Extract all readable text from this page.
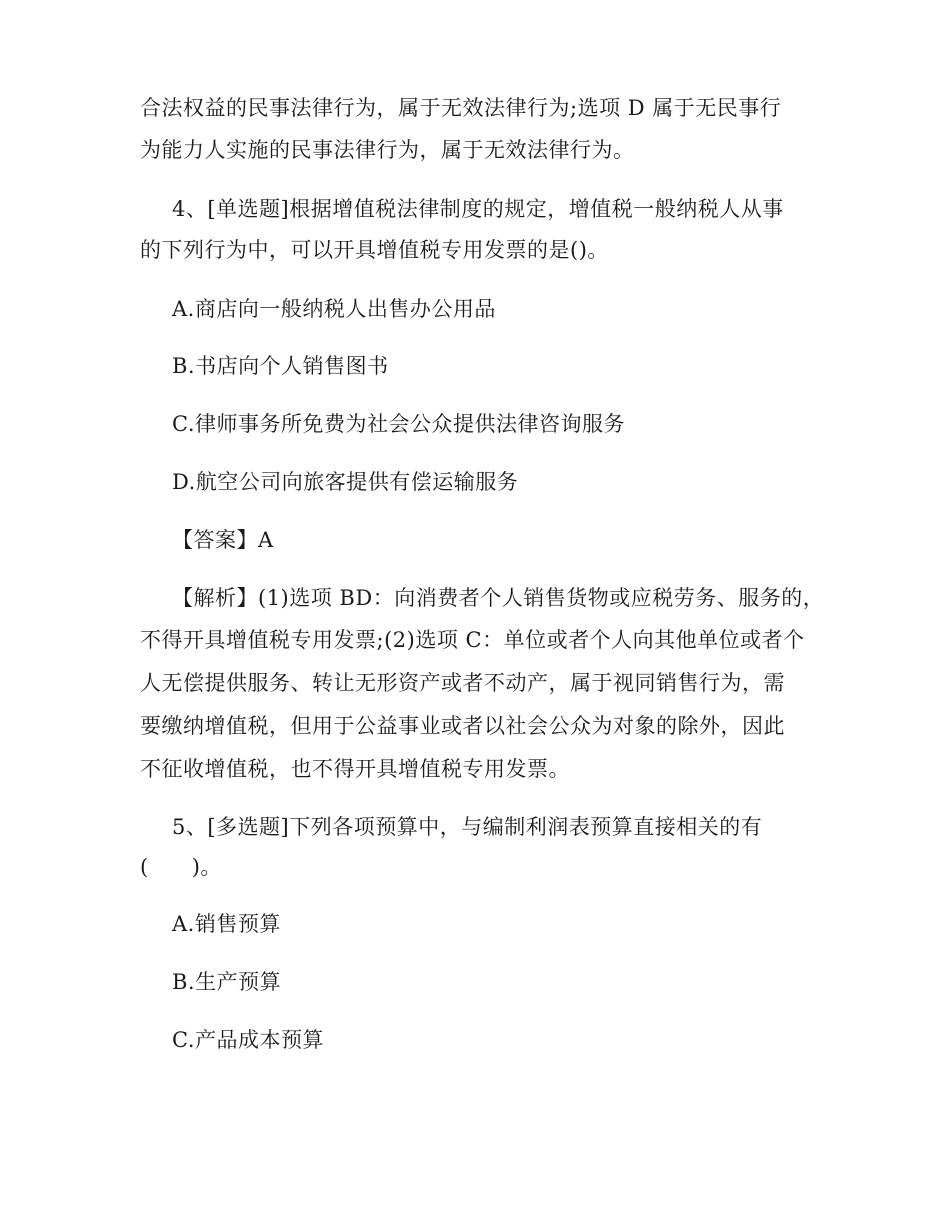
合法权益的民事法律行为，属于无效法律行为;选项 D 属于无民事行
为能力人实施的民事法律行为，属于无效法律行为。
4、[单选题]根据增值税法律制度的规定，增值税一般纳税人从事
的下列行为中，可以开具增值税专用发票的是()。
A.商店向一般纳税人出售办公用品
B.书店向个人销售图书
C.律师事务所免费为社会公众提供法律咨询服务
D.航空公司向旅客提供有偿运输服务
【答案】A
【解析】(1)选项 BD：向消费者个人销售货物或应税劳务、服务的，
不得开具增值税专用发票;(2)选项 C：单位或者个人向其他单位或者个
人无偿提供服务、转让无形资产或者不动产，属于视同销售行为，需
要缴纳增值税，但用于公益事业或者以社会公众为对象的除外，因此
不征收增值税，也不得开具增值税专用发票。
5、[多选题]下列各项预算中，与编制利润表预算直接相关的有
(　　)。
A.销售预算
B.生产预算
C.产品成本预算
